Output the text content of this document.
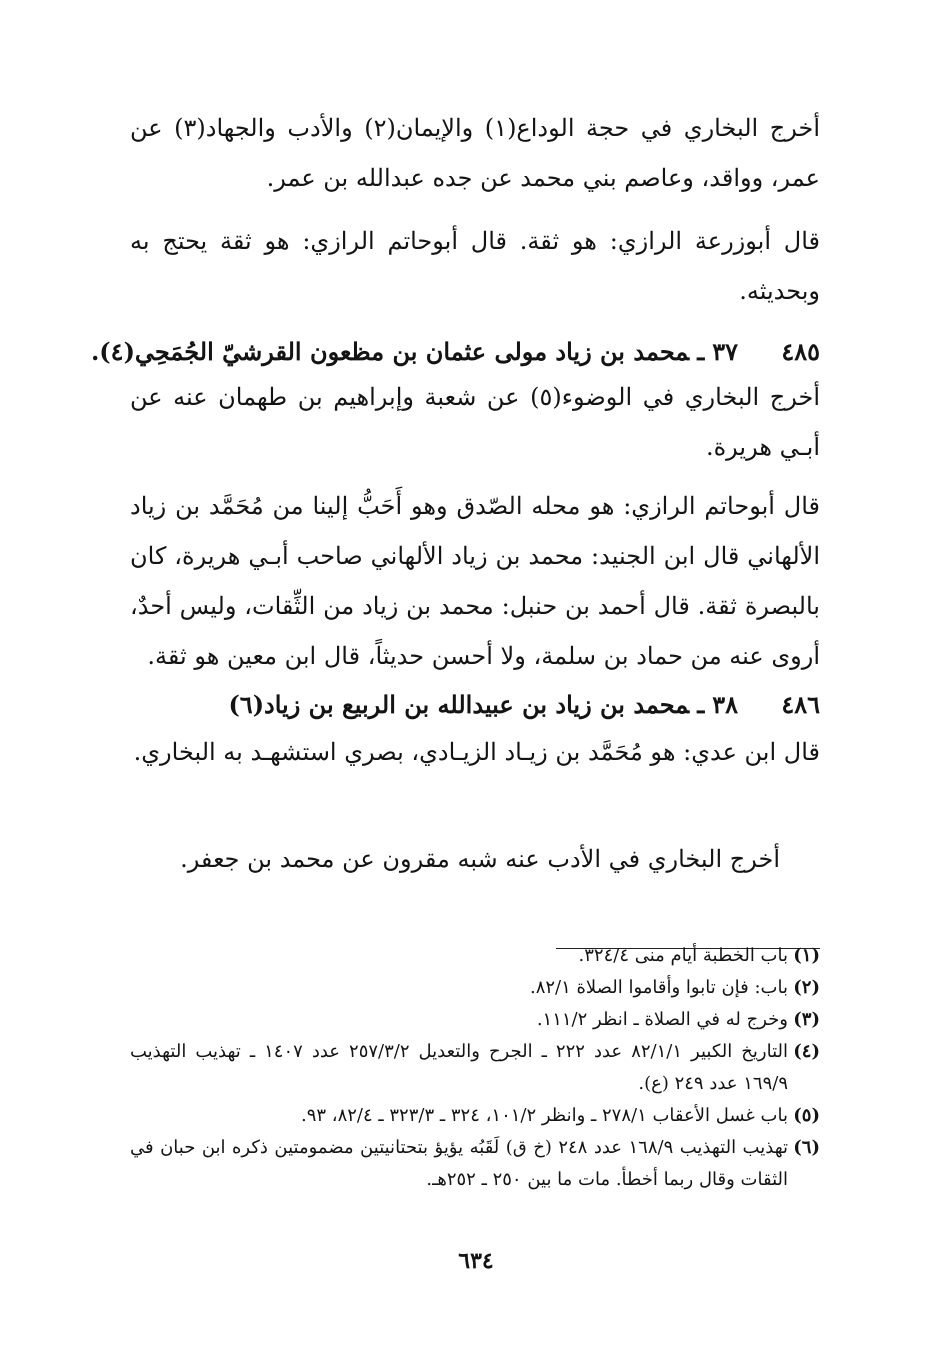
أخرج البخاري في حجة الوداع(١) والإيمان(٢) والأدب والجهاد(٣) عن عمر، وواقد، وعاصم بني محمد عن جده عبدالله بن عمر.

قال أبوزرعة الرازي: هو ثقة. قال أبوحاتم الرازي: هو ثقة يحتج به وبحديثه.

٤٨٥٣٧ـمحمد بن زياد مولى عثمان بن مظعون القرشيّ الجُمَحِي(٤).

أخرج البخاري في الوضوء(٥) عن شعبة وإبراهيم بن طهمان عنه عن أبـي هريرة.

قال أبوحاتم الرازي: هو محله الصّدق وهو أَحَبُّ إلينا من مُحَمَّد بن زياد الألهاني قال ابن الجنيد: محمد بن زياد الألهاني صاحب أبـي هريرة، كان بالبصرة ثقة. قال أحمد بن حنبل: محمد بن زياد من الثِّقات، وليس أحدٌ، أروى عنه من حماد بن سلمة، ولا أحسن حديثاً، قال ابن معين هو ثقة.

٤٨٦٣٨ـمحمد بن زياد بن عبيدالله بن الربيع بن زياد(٦)

قال ابن عدي: هو مُحَمَّد بن زيـاد الزيـادي، بصري استشهـد به البخاري.

أخرج البخاري في الأدب عنه شبه مقرون عن محمد بن جعفر.

(١)
باب الخطبة أيام منى ٣٢٤/٤.
(٢)
باب: فإن تابوا وأقاموا الصلاة ٨٢/١.
(٣)
وخرج له في الصلاة ـ انظر ١١١/٢.
(٤)
التاريخ الكبير ٨٢/١/١ عدد ٢٢٢ ـ الجرح والتعديل ٢٥٧/٣/٢ عدد ١٤٠٧ ـ تهذيب التهذيب ١٦٩/٩ عدد ٢٤٩ (ع).
(٥)
باب غسل الأعقاب ٢٧٨/١ ـ وانظر ١٠١/٢، ٣٢٤ ـ ٣٢٣/٣ ـ ٨٢/٤، ٩٣.
(٦)
تهذيب التهذيب ١٦٨/٩ عدد ٢٤٨ (خ ق) لَقَبُه يؤيؤ بتحتانيتين مضمومتين ذكره ابن حبان في الثقات وقال ربما أخطأ. مات ما بين ٢٥٠ ـ ٢٥٢هـ.
٦٣٤
